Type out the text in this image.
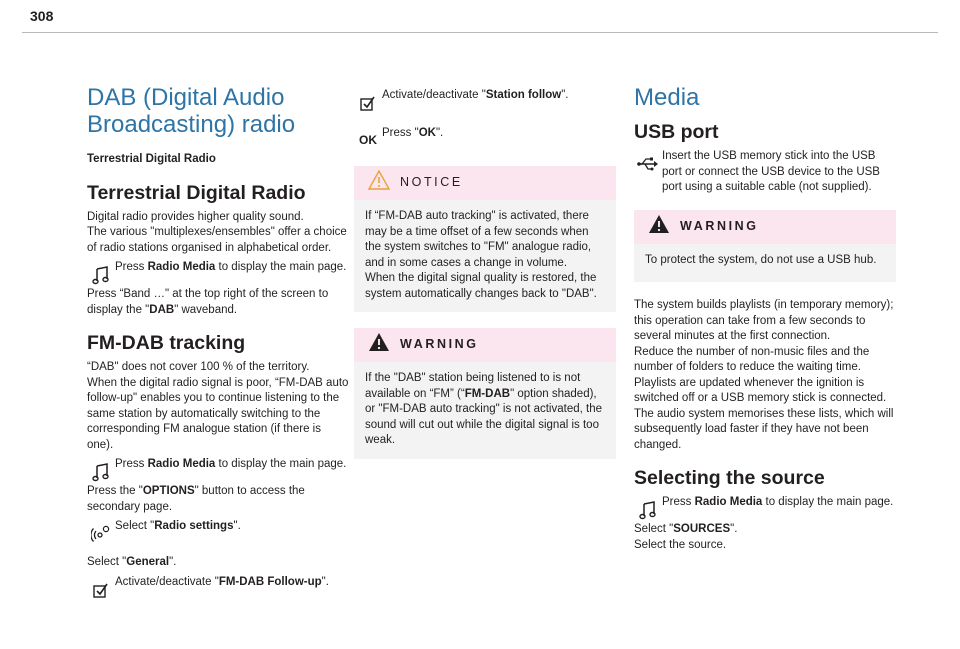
308
DAB (Digital Audio
Broadcasting) radio

Terrestrial Digital Radio

Terrestrial Digital Radio

Digital radio provides higher quality sound.

The various "multiplexes/ensembles" offer a choice of radio stations organised in alphabetical order.

Press Radio Media to display the main page.

Press “Band …" at the top right of the screen to display the "DAB" waveband.

FM-DAB tracking

“DAB" does not cover 100 % of the territory.

When the digital radio signal is poor, “FM-DAB auto follow-up" enables you to continue listening to the same station by automatically switching to the corresponding FM analogue station (if there is one).

Press Radio Media to display the main page.

Press the "OPTIONS" button to access the secondary page.

Select "Radio settings".

Select "General".

Activate/deactivate "FM-DAB Follow-up".
Activate/deactivate "Station follow".
OK
Press "OK".
NOTICE

If “FM-DAB auto tracking" is activated, there may be a time offset of a few seconds when the system switches to "FM" analogue radio, and in some cases a change in volume.

When the digital signal quality is restored, the system automatically changes back to "DAB".

WARNING

If the "DAB" station being listened to is not available on “FM” (“FM-DAB" option shaded), or "FM-DAB auto tracking" is not activated, the sound will cut out while the digital signal is too weak.

Media
USB port
Insert the USB memory stick into the USB port or connect the USB device to the USB port using a suitable cable (not supplied).
WARNING

To protect the system, do not use a USB hub.

The system builds playlists (in temporary memory); this operation can take from a few seconds to several minutes at the first connection.

Reduce the number of non-music files and the number of folders to reduce the waiting time.

Playlists are updated whenever the ignition is switched off or a USB memory stick is connected. The audio system memorises these lists, which will subsequently load faster if they have not been changed.

Selecting the source
Press Radio Media to display the main page.

Select "SOURCES".

Select the source.
